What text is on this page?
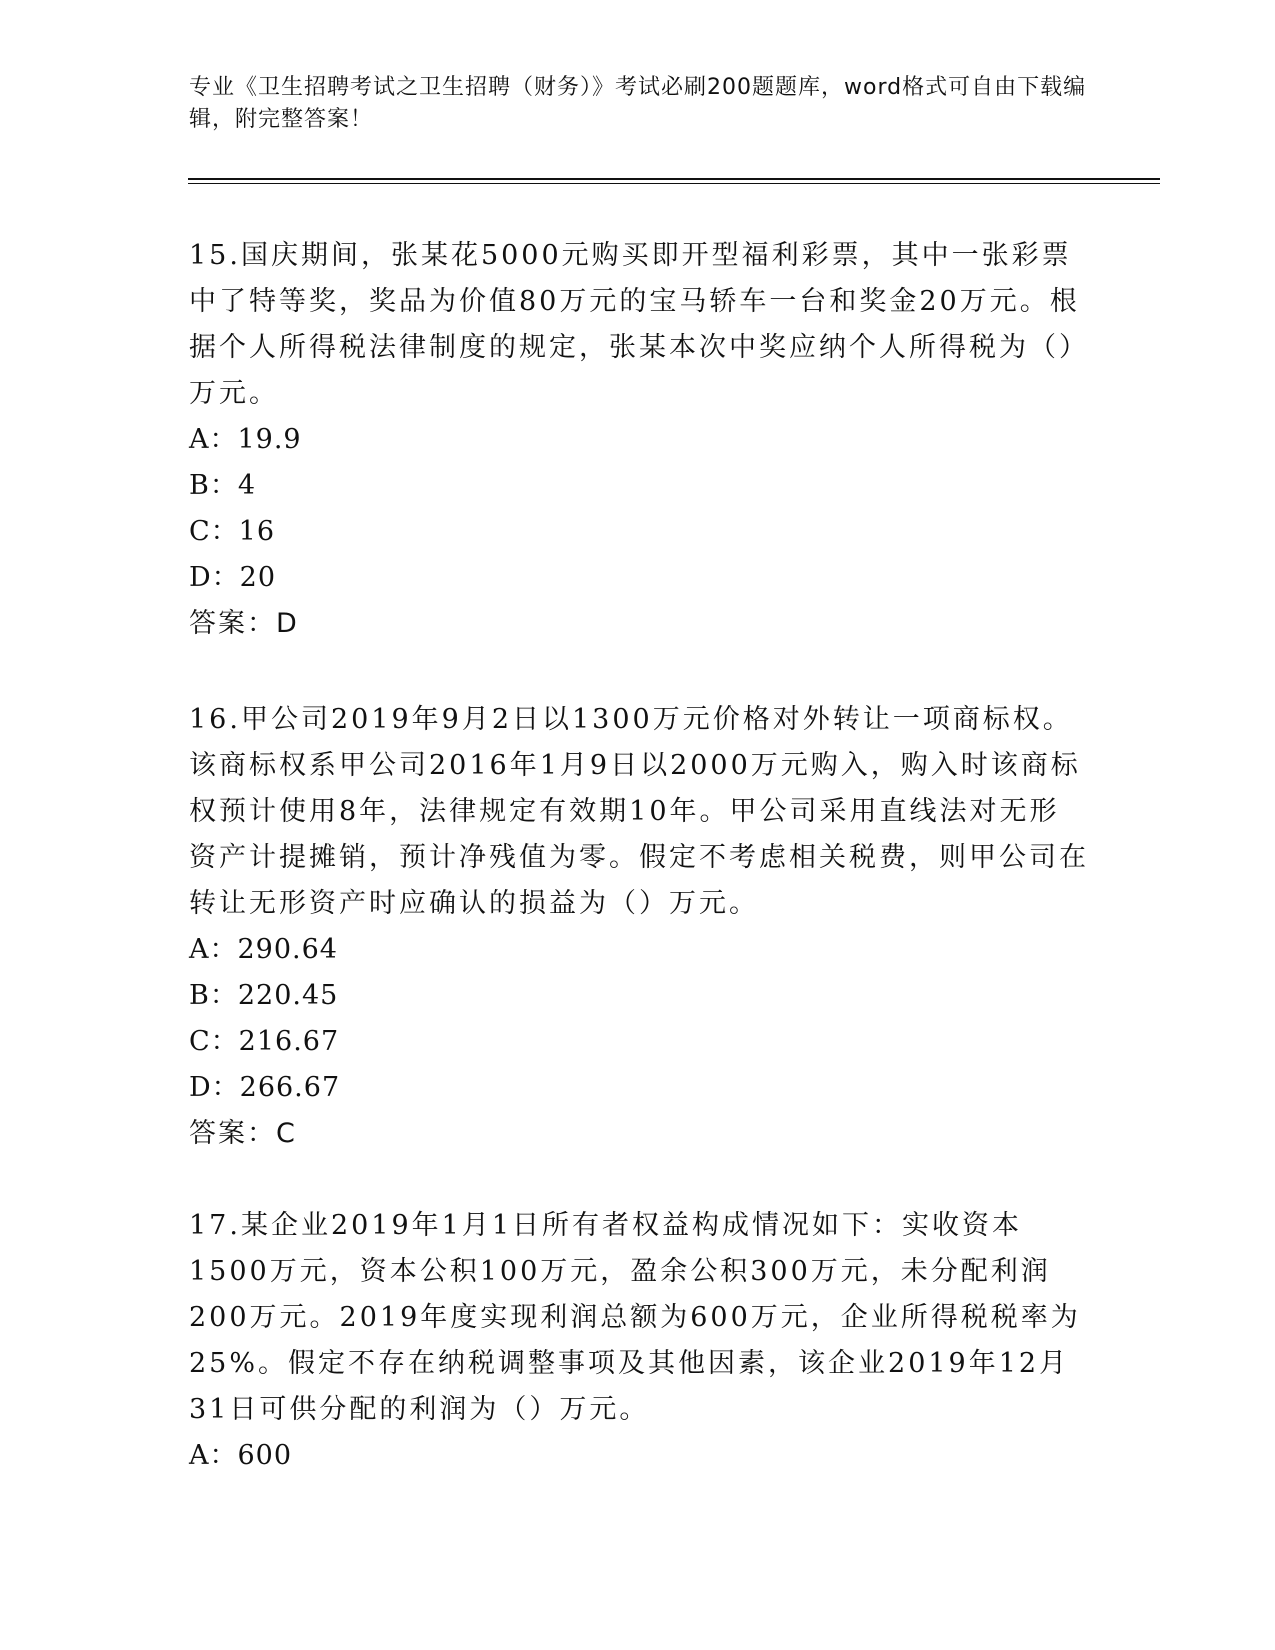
专业《卫生招聘考试之卫生招聘（财务）》考试必刷200题题库，word格式可自由下载编辑，附完整答案！

15.国庆期间，张某花5000元购买即开型福利彩票，其中一张彩票中了特等奖，奖品为价值80万元的宝马轿车一台和奖金20万元。根据个人所得税法律制度的规定，张某本次中奖应纳个人所得税为（）万元。

A：19.9

B：4

C：16

D：20

答案：D

16.甲公司2019年9月2日以1300万元价格对外转让一项商标权。该商标权系甲公司2016年1月9日以2000万元购入，购入时该商标权预计使用8年，法律规定有效期10年。甲公司采用直线法对无形资产计提摊销，预计净残值为零。假定不考虑相关税费，则甲公司在转让无形资产时应确认的损益为（）万元。

A：290.64

B：220.45

C：216.67

D：266.67

答案：C

17.某企业2019年1月1日所有者权益构成情况如下：实收资本1500万元，资本公积100万元，盈余公积300万元，未分配利润200万元。2019年度实现利润总额为600万元，企业所得税税率为25%。假定不存在纳税调整事项及其他因素，该企业2019年12月31日可供分配的利润为（）万元。

A：600
